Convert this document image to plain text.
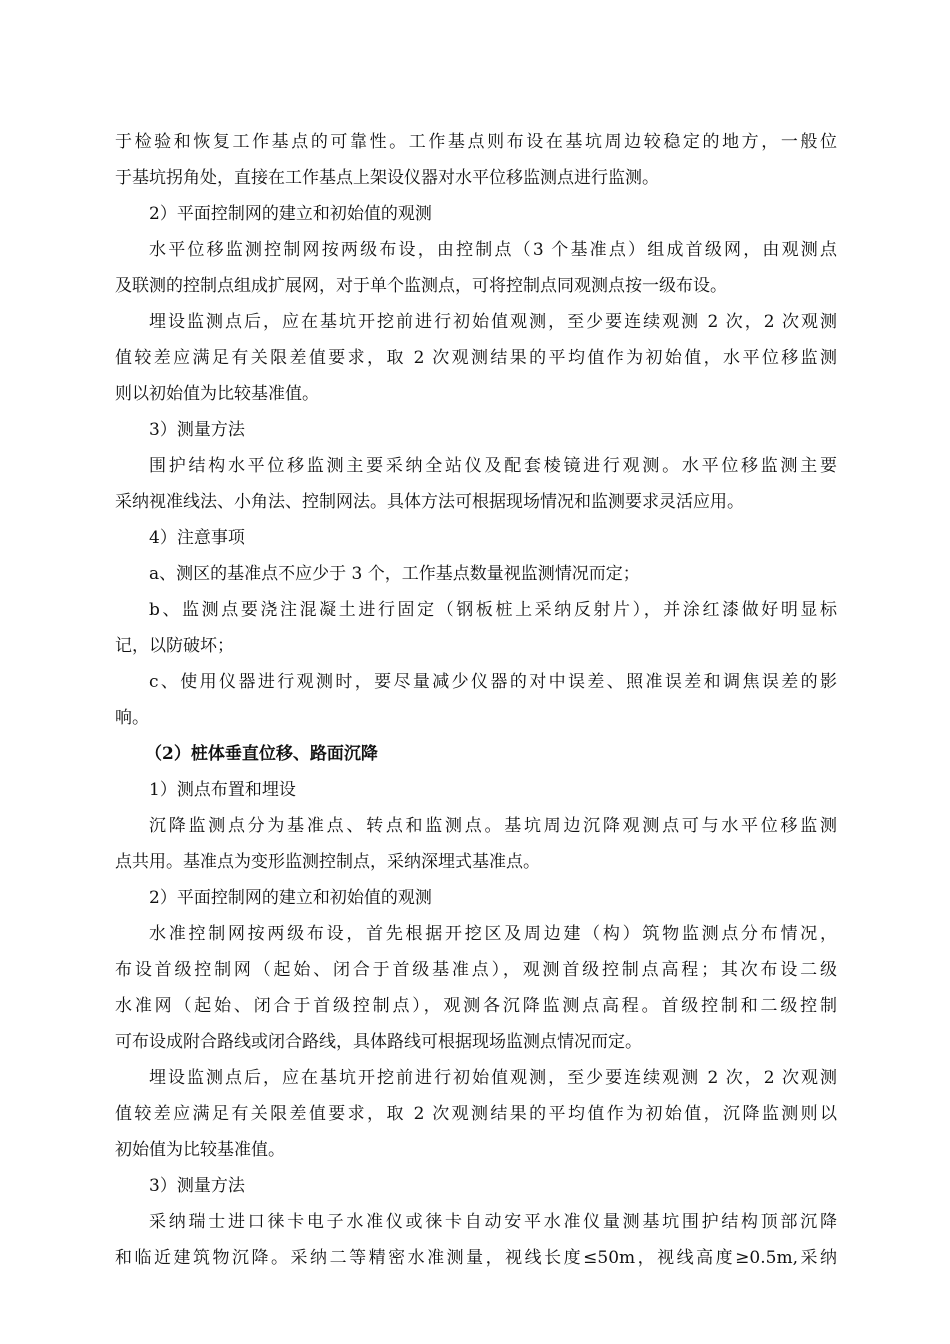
于检验和恢复工作基点的可靠性。工作基点则布设在基坑周边较稳定的地方，一般位
于基坑拐角处，直接在工作基点上架设仪器对水平位移监测点进行监测。
2）平面控制网的建立和初始值的观测
水平位移监测控制网按两级布设，由控制点（3 个基准点）组成首级网，由观测点
及联测的控制点组成扩展网，对于单个监测点，可将控制点同观测点按一级布设。
埋设监测点后，应在基坑开挖前进行初始值观测，至少要连续观测 2 次，2 次观测
值较差应满足有关限差值要求，取 2 次观测结果的平均值作为初始值，水平位移监测
则以初始值为比较基准值。
3）测量方法
围护结构水平位移监测主要采纳全站仪及配套棱镜进行观测。水平位移监测主要
采纳视准线法、小角法、控制网法。具体方法可根据现场情况和监测要求灵活应用。
4）注意事项
a、测区的基准点不应少于 3 个，工作基点数量视监测情况而定；
b、监测点要浇注混凝土进行固定（钢板桩上采纳反射片），并涂红漆做好明显标
记，以防破坏；
c、使用仪器进行观测时，要尽量减少仪器的对中误差、照准误差和调焦误差的影
响。
（2）桩体垂直位移、路面沉降
1）测点布置和埋设
沉降监测点分为基准点、转点和监测点。基坑周边沉降观测点可与水平位移监测
点共用。基准点为变形监测控制点，采纳深埋式基准点。
2）平面控制网的建立和初始值的观测
水准控制网按两级布设，首先根据开挖区及周边建（构）筑物监测点分布情况，
布设首级控制网（起始、闭合于首级基准点），观测首级控制点高程；其次布设二级
水准网（起始、闭合于首级控制点），观测各沉降监测点高程。首级控制和二级控制
可布设成附合路线或闭合路线，具体路线可根据现场监测点情况而定。
埋设监测点后，应在基坑开挖前进行初始值观测，至少要连续观测 2 次，2 次观测
值较差应满足有关限差值要求，取 2 次观测结果的平均值作为初始值，沉降监测则以
初始值为比较基准值。
3）测量方法
采纳瑞士进口徕卡电子水准仪或徕卡自动安平水准仪量测基坑围护结构顶部沉降
和临近建筑物沉降。采纳二等精密水准测量，视线长度≤50m，视线高度≥0.5m,采纳
